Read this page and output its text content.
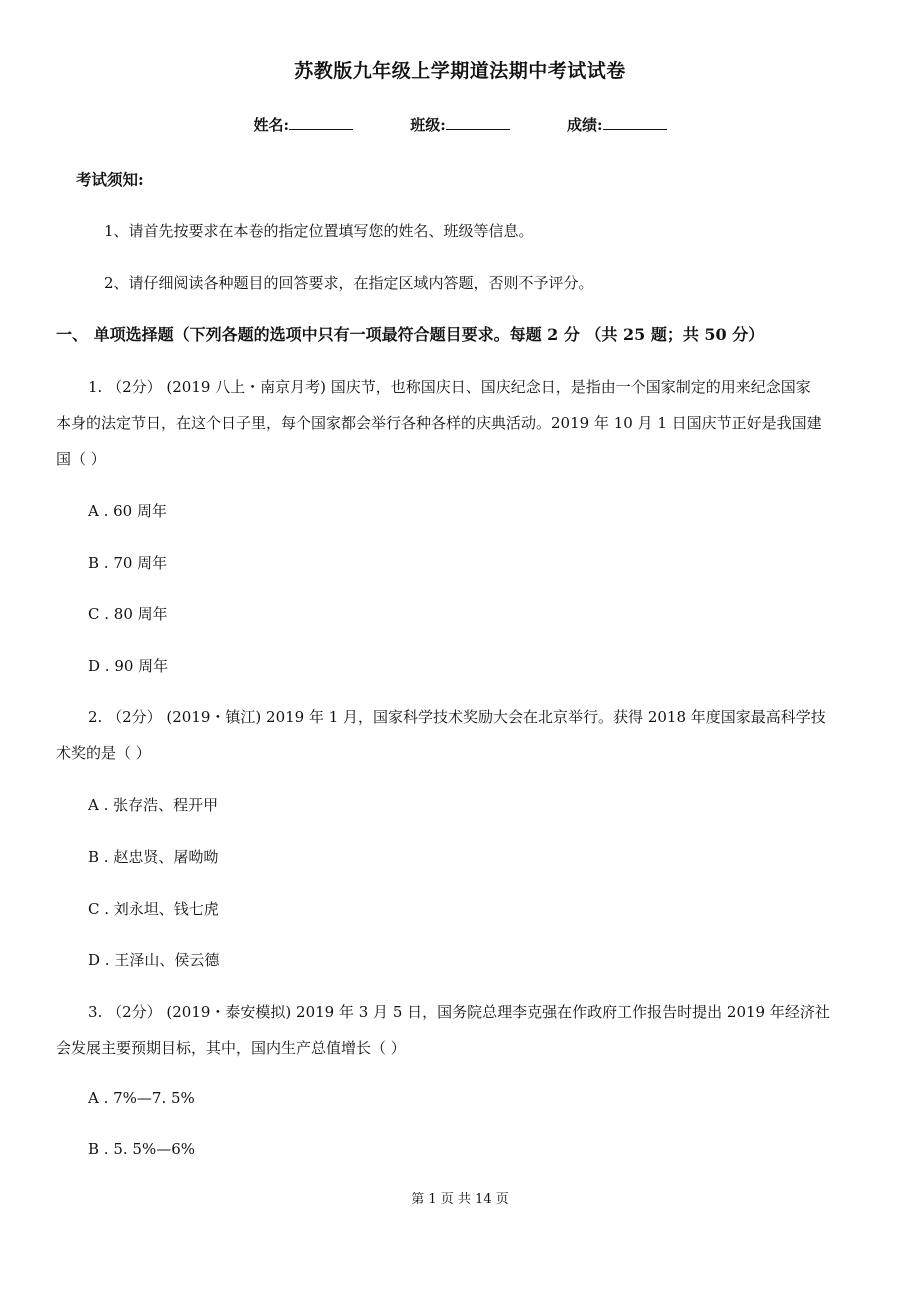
苏教版九年级上学期道法期中考试试卷
姓名:	班级:	成绩:
考试须知:
1、请首先按要求在本卷的指定位置填写您的姓名、班级等信息。
2、请仔细阅读各种题目的回答要求，在指定区域内答题，否则不予评分。
一、 单项选择题（下列各题的选项中只有一项最符合题目要求。每题 2 分 （共 25 题；共 50 分）
1. （2分） (2019 八上・南京月考) 国庆节，也称国庆日、国庆纪念日，是指由一个国家制定的用来纪念国家
本身的法定节日，在这个日子里，每个国家都会举行各种各样的庆典活动。2019 年 10 月 1 日国庆节正好是我国建
国（ ）
A . 60 周年
B . 70 周年
C . 80 周年
D . 90 周年
2. （2分） (2019・镇江) 2019 年 1 月，国家科学技术奖励大会在北京举行。获得 2018 年度国家最高科学技
术奖的是（ ）
A . 张存浩、程开甲
B . 赵忠贤、屠呦呦
C . 刘永坦、钱七虎
D . 王泽山、侯云德
3. （2分） (2019・泰安模拟) 2019 年 3 月 5 日，国务院总理李克强在作政府工作报告时提出 2019 年经济社
会发展主要预期目标，其中，国内生产总值增长（ ）
A . 7%—7. 5%
B . 5. 5%—6%
第 1 页 共 14 页
